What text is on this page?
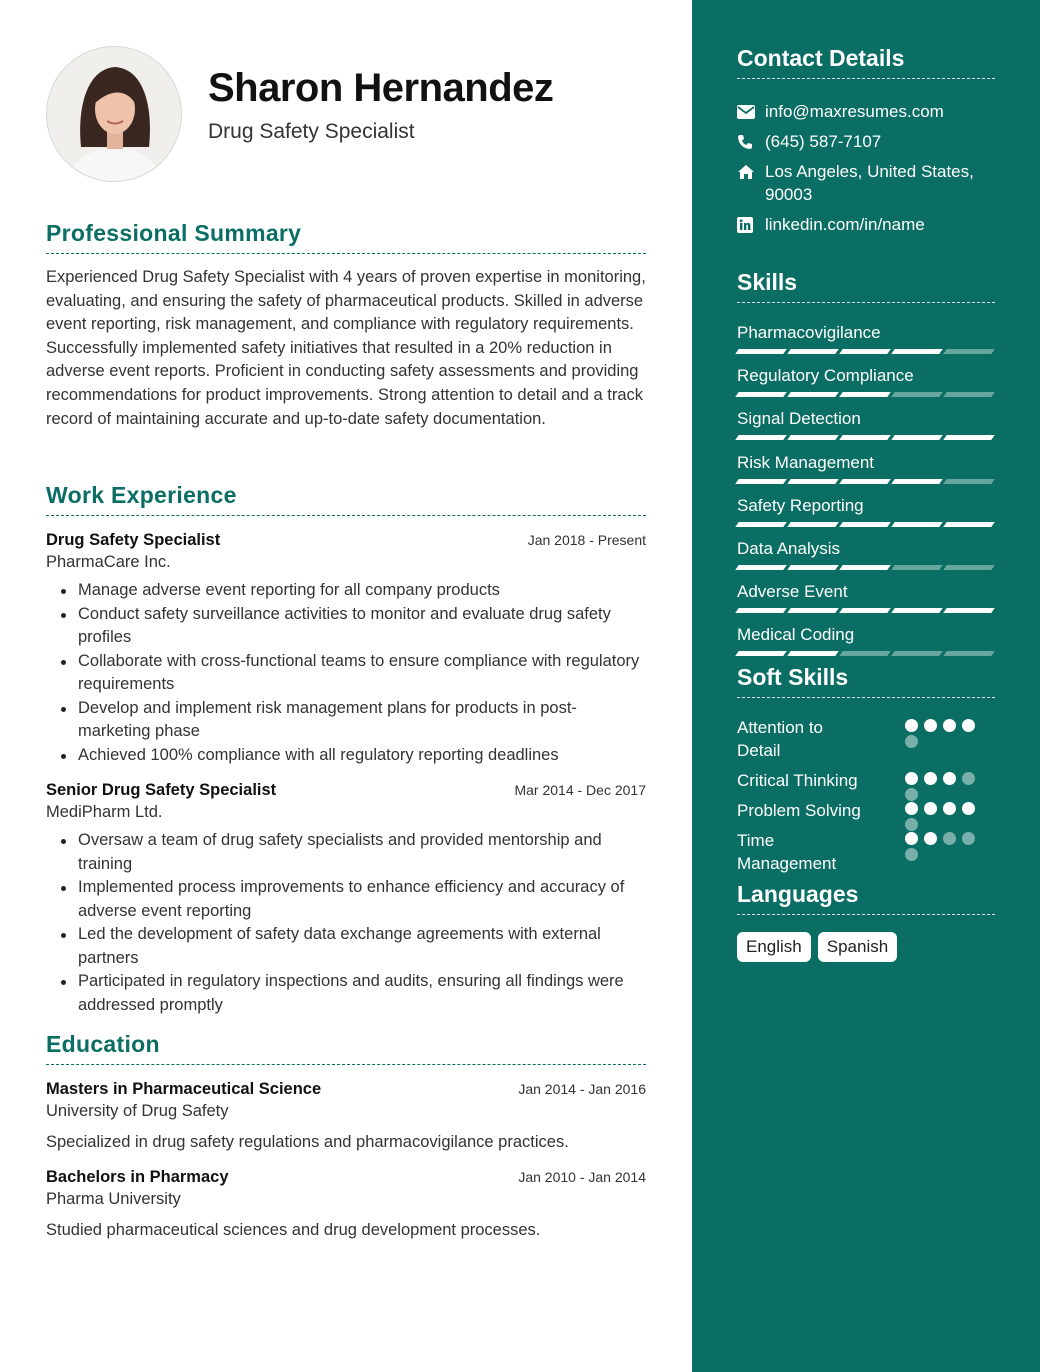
Sharon Hernandez
Drug Safety Specialist
Professional Summary
Experienced Drug Safety Specialist with 4 years of proven expertise in monitoring, evaluating, and ensuring the safety of pharmaceutical products. Skilled in adverse event reporting, risk management, and compliance with regulatory requirements. Successfully implemented safety initiatives that resulted in a 20% reduction in adverse event reports. Proficient in conducting safety assessments and providing recommendations for product improvements. Strong attention to detail and a track record of maintaining accurate and up-to-date safety documentation.
Work Experience
Drug Safety Specialist	Jan 2018 - Present
PharmaCare Inc.
Manage adverse event reporting for all company products
Conduct safety surveillance activities to monitor and evaluate drug safety profiles
Collaborate with cross-functional teams to ensure compliance with regulatory requirements
Develop and implement risk management plans for products in post-marketing phase
Achieved 100% compliance with all regulatory reporting deadlines
Senior Drug Safety Specialist	Mar 2014 - Dec 2017
MediPharm Ltd.
Oversaw a team of drug safety specialists and provided mentorship and training
Implemented process improvements to enhance efficiency and accuracy of adverse event reporting
Led the development of safety data exchange agreements with external partners
Participated in regulatory inspections and audits, ensuring all findings were addressed promptly
Education
Masters in Pharmaceutical Science	Jan 2014 - Jan 2016
University of Drug Safety
Specialized in drug safety regulations and pharmacovigilance practices.
Bachelors in Pharmacy	Jan 2010 - Jan 2014
Pharma University
Studied pharmaceutical sciences and drug development processes.
Contact Details
info@maxresumes.com
(645) 587-7107
Los Angeles, United States, 90003
linkedin.com/in/name
Skills
Pharmacovigilance
Regulatory Compliance
Signal Detection
Risk Management
Safety Reporting
Data Analysis
Adverse Event
Medical Coding
Soft Skills
Attention to Detail
Critical Thinking
Problem Solving
Time Management
Languages
English	Spanish
